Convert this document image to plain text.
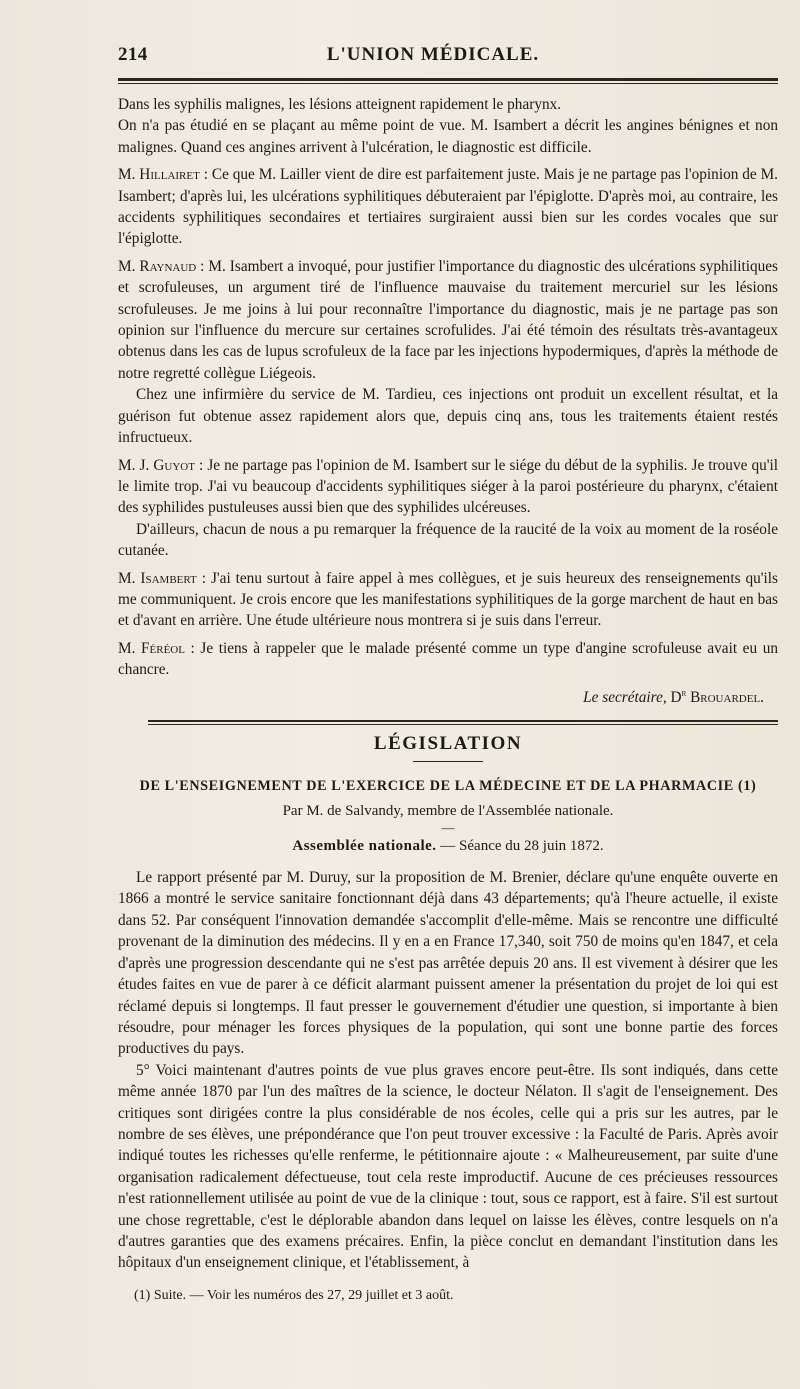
214	L'UNION MÉDICALE.

Dans les syphilis malignes, les lésions atteignent rapidement le pharynx.

On n'a pas étudié en se plaçant au même point de vue. M. Isambert a décrit les angines bénignes et non malignes. Quand ces angines arrivent à l'ulcération, le diagnostic est difficile.

M. Hillairet : Ce que M. Lailler vient de dire est parfaitement juste. Mais je ne partage pas l'opinion de M. Isambert; d'après lui, les ulcérations syphilitiques débuteraient par l'épiglotte. D'après moi, au contraire, les accidents syphilitiques secondaires et tertiaires surgiraient aussi bien sur les cordes vocales que sur l'épiglotte.

M. Raynaud : M. Isambert a invoqué, pour justifier l'importance du diagnostic des ulcérations syphilitiques et scrofuleuses, un argument tiré de l'influence mauvaise du traitement mercuriel sur les lésions scrofuleuses. Je me joins à lui pour reconnaître l'importance du diagnostic, mais je ne partage pas son opinion sur l'influence du mercure sur certaines scrofulides. J'ai été témoin des résultats très-avantageux obtenus dans les cas de lupus scrofuleux de la face par les injections hypodermiques, d'après la méthode de notre regretté collègue Liégeois.

Chez une infirmière du service de M. Tardieu, ces injections ont produit un excellent résultat, et la guérison fut obtenue assez rapidement alors que, depuis cinq ans, tous les traitements étaient restés infructueux.

M. J. Guyot : Je ne partage pas l'opinion de M. Isambert sur le siége du début de la syphilis. Je trouve qu'il le limite trop. J'ai vu beaucoup d'accidents syphilitiques siéger à la paroi postérieure du pharynx, c'étaient des syphilides pustuleuses aussi bien que des syphilides ulcéreuses.

D'ailleurs, chacun de nous a pu remarquer la fréquence de la raucité de la voix au moment de la roséole cutanée.

M. Isambert : J'ai tenu surtout à faire appel à mes collègues, et je suis heureux des renseignements qu'ils me communiquent. Je crois encore que les manifestations syphilitiques de la gorge marchent de haut en bas et d'avant en arrière. Une étude ultérieure nous montrera si je suis dans l'erreur.

M. Féréol : Je tiens à rappeler que le malade présenté comme un type d'angine scrofuleuse avait eu un chancre.

Le secrétaire, $D^r$ Brouardel.
LÉGISLATION
DE L'ENSEIGNEMENT DE L'EXERCICE DE LA MÉDECINE ET DE LA PHARMACIE (1)
Par M. de Salvandy, membre de l'Assemblée nationale.
—
Assemblée nationale. — Séance du 28 juin 1872.

Le rapport présenté par M. Duruy, sur la proposition de M. Brenier, déclare qu'une enquête ouverte en 1866 a montré le service sanitaire fonctionnant déjà dans 43 départements; qu'à l'heure actuelle, il existe dans 52. Par conséquent l'innovation demandée s'accomplit d'elle-même. Mais se rencontre une difficulté provenant de la diminution des médecins. Il y en a en France 17,340, soit 750 de moins qu'en 1847, et cela d'après une progression descendante qui ne s'est pas arrêtée depuis 20 ans. Il est vivement à désirer que les études faites en vue de parer à ce déficit alarmant puissent amener la présentation du projet de loi qui est réclamé depuis si longtemps. Il faut presser le gouvernement d'étudier une question, si importante à bien résoudre, pour ménager les forces physiques de la population, qui sont une bonne partie des forces productives du pays.

5° Voici maintenant d'autres points de vue plus graves encore peut-être. Ils sont indiqués, dans cette même année 1870 par l'un des maîtres de la science, le docteur Nélaton. Il s'agit de l'enseignement. Des critiques sont dirigées contre la plus considérable de nos écoles, celle qui a pris sur les autres, par le nombre de ses élèves, une prépondérance que l'on peut trouver excessive : la Faculté de Paris. Après avoir indiqué toutes les richesses qu'elle renferme, le pétitionnaire ajoute : « Malheureusement, par suite d'une organisation radicalement défectueuse, tout cela reste improductif. Aucune de ces précieuses ressources n'est rationnellement utilisée au point de vue de la clinique : tout, sous ce rapport, est à faire. S'il est surtout une chose regrettable, c'est le déplorable abandon dans lequel on laisse les élèves, contre lesquels on n'a d'autres garanties que des examens précaires. Enfin, la pièce conclut en demandant l'institution dans les hôpitaux d'un enseignement clinique, et l'établissement, à

(1) Suite. — Voir les numéros des 27, 29 juillet et 3 août.
